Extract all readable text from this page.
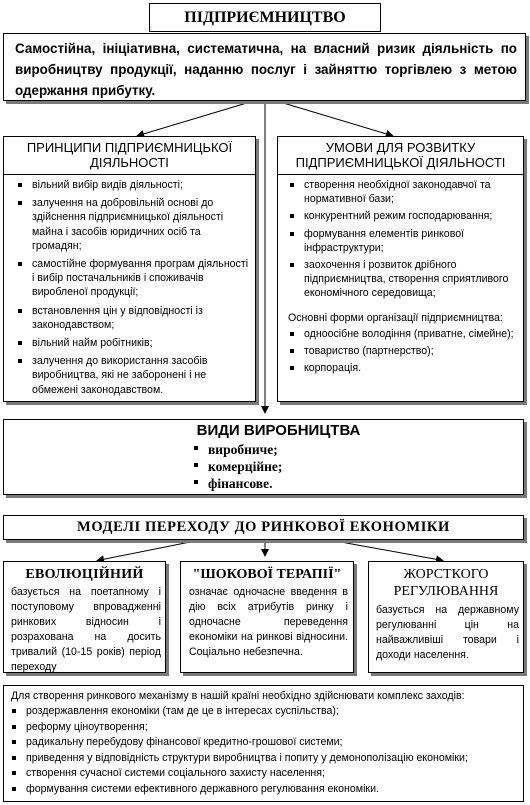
ПІДПРИЄМНИЦТВО
Самостійна, ініціативна, систематична, на власний ризик діяльність по виробництву продукції, наданню послуг і зайняттю торгівлею з метою одержання прибутку.
ПРИНЦИПИ ПІДПРИЄМНИЦЬКОЇ ДІЯЛЬНОСТІ
вільний вибір видів діяльності;
залучення на добровільній основі до здійснення підприємницької діяльності майна і засобів юридичних осіб та громадян;
самостійне формування програм діяльності і вибір постачальників і споживачів виробленої продукції;
встановлення цін у відповідності із законодавством;
вільний найм робітників;
залучення до використання засобів виробництва, які не заборонені і не обмежені законодавством.
УМОВИ ДЛЯ РОЗВИТКУ ПІДПРИЄМНИЦЬКОЇ ДІЯЛЬНОСТІ
створення необхідної законодавчої та нормативної бази;
конкурентний режим господарювання;
формування елементів ринкової інфраструктури;
заохочення і розвиток дрібного підприємництва, створення сприятливого економічного середовища;
Основні форми організації підприємництва:
одноосібне володіння (приватне, сімейне);
товариство (партнерство);
корпорація.
ВИДИ ВИРОБНИЦТВА
виробниче;
комерційне;
фінансове.
МОДЕЛІ ПЕРЕХОДУ ДО РИНКОВОЇ ЕКОНОМІКИ
ЕВОЛЮЦІЙНИЙ
базується на поетапному і поступовому впровадженні ринкових відносин і розрахована на досить тривалий (10-15 років) період переходу
"ШОКОВОЇ ТЕРАПІЇ"
означає одночасне введення в дію всіх атрибутів ринку і одночасне переведення економіки на ринкові відносини. Соціально небезпечна.
ЖОРСТКОГО РЕГУЛЮВАННЯ
базується на державному регулюванні цін на найважливіші товари і доходи населення.
Для створення ринкового механізму в нашій країні необхідно здійснювати комплекс заходів:
роздержавлення економіки (там де це в інтересах суспільства);
реформу ціноутворення;
радикальну перебудову фінансової кредитно-грошової системи;
приведення у відповідність структури виробництва і попиту у демонополізацію економіки;
створення сучасної системи соціального захисту населення;
формування системи ефективного державного регулювання економіки.
